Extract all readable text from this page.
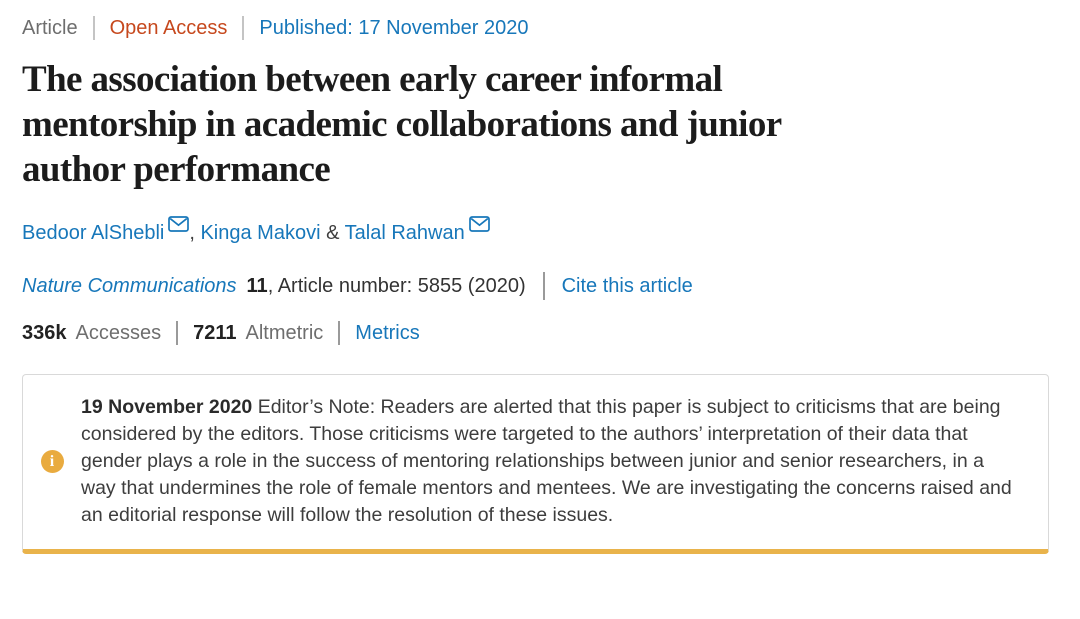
Article Open Access Published: 17 November 2020
The association between early career informal
mentorship in academic collaborations and junior
author performance
Bedoor AlShebli , Kinga Makovi & Talal Rahwan
Nature Communications 11, Article number: 5855 (2020) Cite this article
336k Accesses 7211 Altmetric Metrics
i

19 November 2020 Editor’s Note: Readers are alerted that this paper is subject to criticisms that are being considered by the editors. Those criticisms were targeted to the authors’ interpretation of their data that gender plays a role in the success of mentoring relationships between junior and senior researchers, in a way that undermines the role of female mentors and mentees. We are investigating the concerns raised and an editorial response will follow the resolution of these issues.
